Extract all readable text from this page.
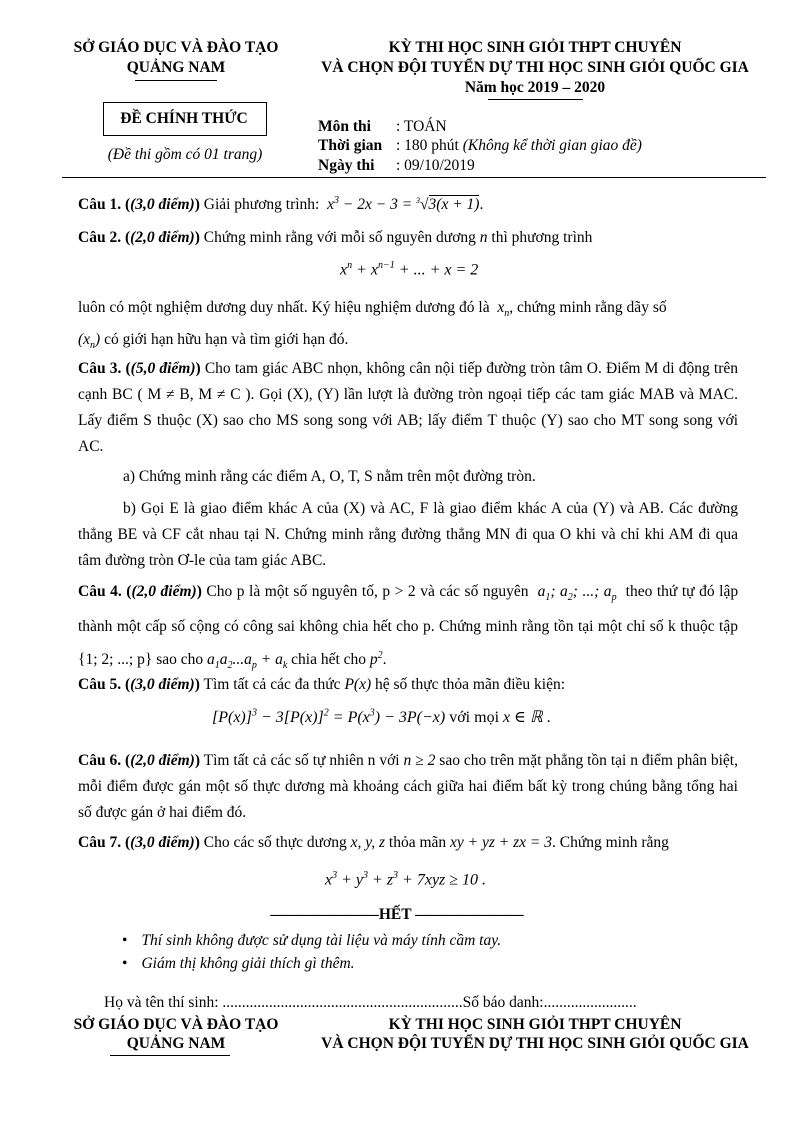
SỞ GIÁO DỤC VÀ ĐÀO TẠO
QUẢNG NAM
KỲ THI HỌC SINH GIỎI THPT CHUYÊN
VÀ CHỌN ĐỘI TUYỂN DỰ THI HỌC SINH GIỎI QUỐC GIA
Năm học 2019 – 2020
ĐỀ CHÍNH THỨC
(Đề thi gồm có 01 trang)
Môn thi : TOÁN
Thời gian : 180 phút (Không kể thời gian giao đề)
Ngày thi : 09/10/2019
Câu 1. ((3,0 điểm)) Giải phương trình:  $x^3 - 2x - 3 = ^3√3(x + 1)$.
Câu 2. ((2,0 điểm)) Chứng minh rằng với mỗi số nguyên dương n thì phương trình
$x^n + x^{n-1}$ + ... + x = 2
luôn có một nghiệm dương duy nhất. Ký hiệu nghiệm dương đó là  $x_n$, chứng minh rằng dãy số
$(x_n)$ có giới hạn hữu hạn và tìm giới hạn đó.
Câu 3. ((5,0 điểm)) Cho tam giác ABC nhọn, không cân nội tiếp đường tròn tâm O. Điểm M di động trên cạnh BC ( M ≠ B, M ≠ C ). Gọi (X), (Y) lần lượt là đường tròn ngoại tiếp các tam giác MAB và MAC. Lấy điểm S thuộc (X) sao cho MS song song với AB; lấy điểm T thuộc (Y) sao cho MT song song với AC.
a) Chứng minh rằng các điểm A, O, T, S nằm trên một đường tròn.
b) Gọi E là giao điểm khác A của (X) và AC, F là giao điểm khác A của (Y) và AB. Các đường thẳng BE và CF cắt nhau tại N. Chứng minh rằng đường thẳng MN đi qua O khi và chỉ khi AM đi qua tâm đường tròn Ơ-le của tam giác ABC.
Câu 4. ((2,0 điểm)) Cho p là một số nguyên tố, p > 2 và các số nguyên  $a_1$; $a_2$; ...; $a_p$ theo thứ tự đó lập thành một cấp số cộng có công sai không chia hết cho p. Chứng minh rằng tồn tại một chỉ số k thuộc tập {1; 2; ...; p} sao cho $a_1a_2...a_p + a_k$ chia hết cho $p^2$.
Câu 5. ((3,0 điểm)) Tìm tất cả các đa thức P(x) hệ số thực thỏa mãn điều kiện:
$[P(x)]^3 - 3[P(x)]^2 = P(x^3) - 3P(-x)$ với mọi x ∈ ℝ .
Câu 6. ((2,0 điểm)) Tìm tất cả các số tự nhiên n với n ≥ 2 sao cho trên mặt phẳng tồn tại n điểm phân biệt, mỗi điểm được gán một số thực dương mà khoảng cách giữa hai điểm bất kỳ trong chúng bằng tổng hai số được gán ở hai điểm đó.
Câu 7. ((3,0 điểm)) Cho các số thực dương x, y, z thỏa mãn xy + yz + zx = 3. Chứng minh rằng
$x^3 + y^3 + z^3 + 7xyz \ge 10$ .
———————HẾT ———————
• Thí sinh không được sử dụng tài liệu và máy tính cầm tay.
• Giám thị không giải thích gì thêm.
Họ và tên thí sinh: ..............................................................Số báo danh:........................
SỞ GIÁO DỤC VÀ ĐÀO TẠO
QUẢNG NAM
KỲ THI HỌC SINH GIỎI THPT CHUYÊN
VÀ CHỌN ĐỘI TUYỂN DỰ THI HỌC SINH GIỎI QUỐC GIA
